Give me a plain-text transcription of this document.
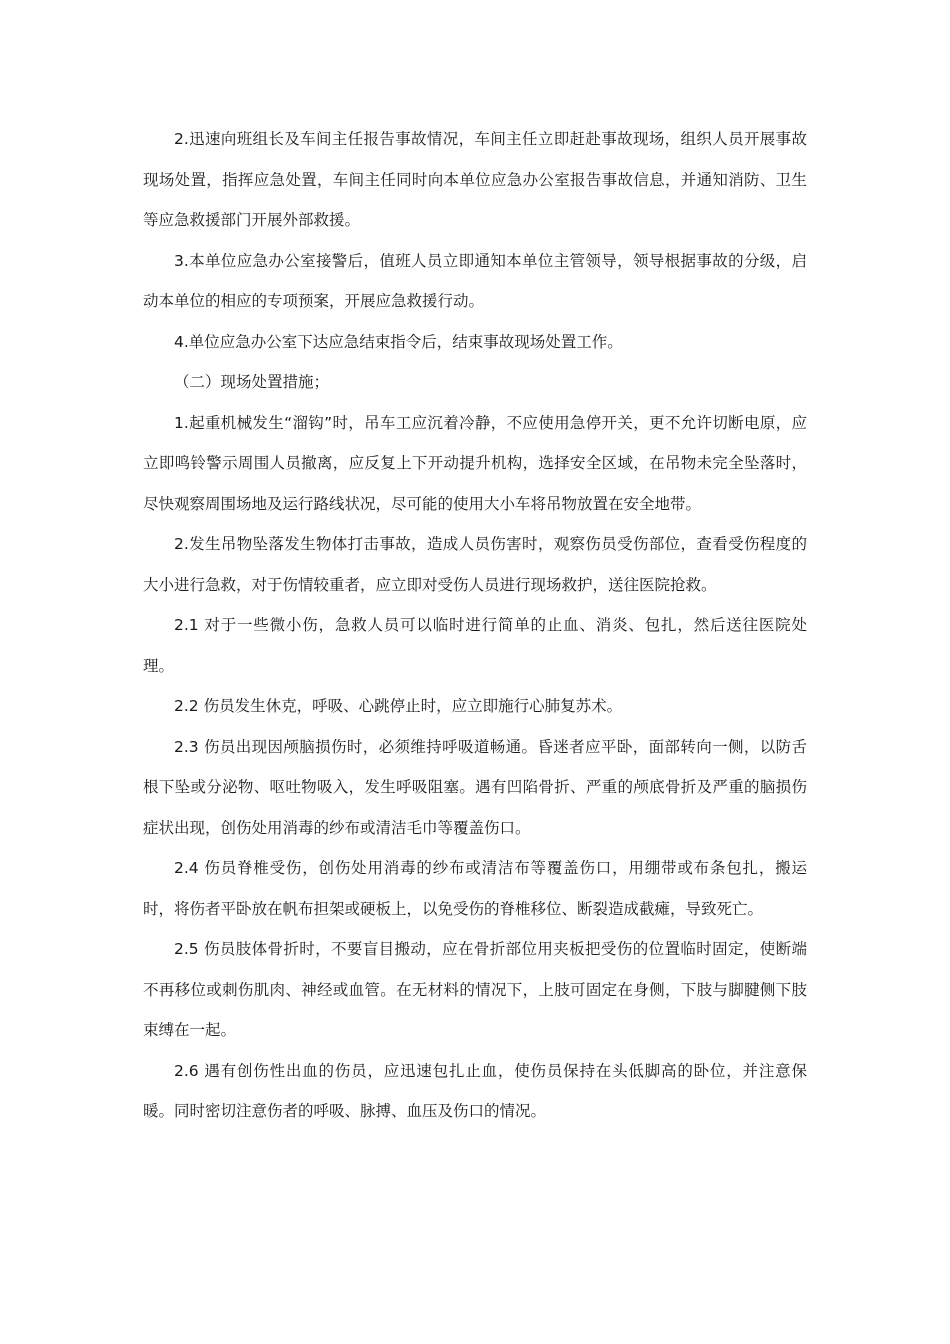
2.迅速向班组长及车间主任报告事故情况，车间主任立即赶赴事故现场，组织人员开展事故现场处置，指挥应急处置，车间主任同时向本单位应急办公室报告事故信息，并通知消防、卫生等应急救援部门开展外部救援。

3.本单位应急办公室接警后，值班人员立即通知本单位主管领导，领导根据事故的分级，启动本单位的相应的专项预案，开展应急救援行动。

4.单位应急办公室下达应急结束指令后，结束事故现场处置工作。

（二）现场处置措施；

1.起重机械发生“溜钩”时，吊车工应沉着冷静，不应使用急停开关，更不允许切断电原，应立即鸣铃警示周围人员撤离，应反复上下开动提升机构，选择安全区域，在吊物未完全坠落时，尽快观察周围场地及运行路线状况，尽可能的使用大小车将吊物放置在安全地带。

2.发生吊物坠落发生物体打击事故，造成人员伤害时，观察伤员受伤部位，查看受伤程度的大小进行急救，对于伤情较重者，应立即对受伤人员进行现场救护，送往医院抢救。

2.1 对于一些微小伤，急救人员可以临时进行简单的止血、消炎、包扎，然后送往医院处理。

2.2 伤员发生休克，呼吸、心跳停止时，应立即施行心肺复苏术。

2.3 伤员出现因颅脑损伤时，必须维持呼吸道畅通。昏迷者应平卧，面部转向一侧，以防舌根下坠或分泌物、呕吐物吸入，发生呼吸阻塞。遇有凹陷骨折、严重的颅底骨折及严重的脑损伤症状出现，创伤处用消毒的纱布或清洁毛巾等覆盖伤口。

2.4 伤员脊椎受伤，创伤处用消毒的纱布或清洁布等覆盖伤口，用绷带或布条包扎，搬运时，将伤者平卧放在帆布担架或硬板上，以免受伤的脊椎移位、断裂造成截瘫，导致死亡。

2.5 伤员肢体骨折时，不要盲目搬动，应在骨折部位用夹板把受伤的位置临时固定，使断端不再移位或刺伤肌肉、神经或血管。在无材料的情况下，上肢可固定在身侧，下肢与脚腱侧下肢束缚在一起。

2.6 遇有创伤性出血的伤员，应迅速包扎止血，使伤员保持在头低脚高的卧位，并注意保暖。同时密切注意伤者的呼吸、脉搏、血压及伤口的情况。
